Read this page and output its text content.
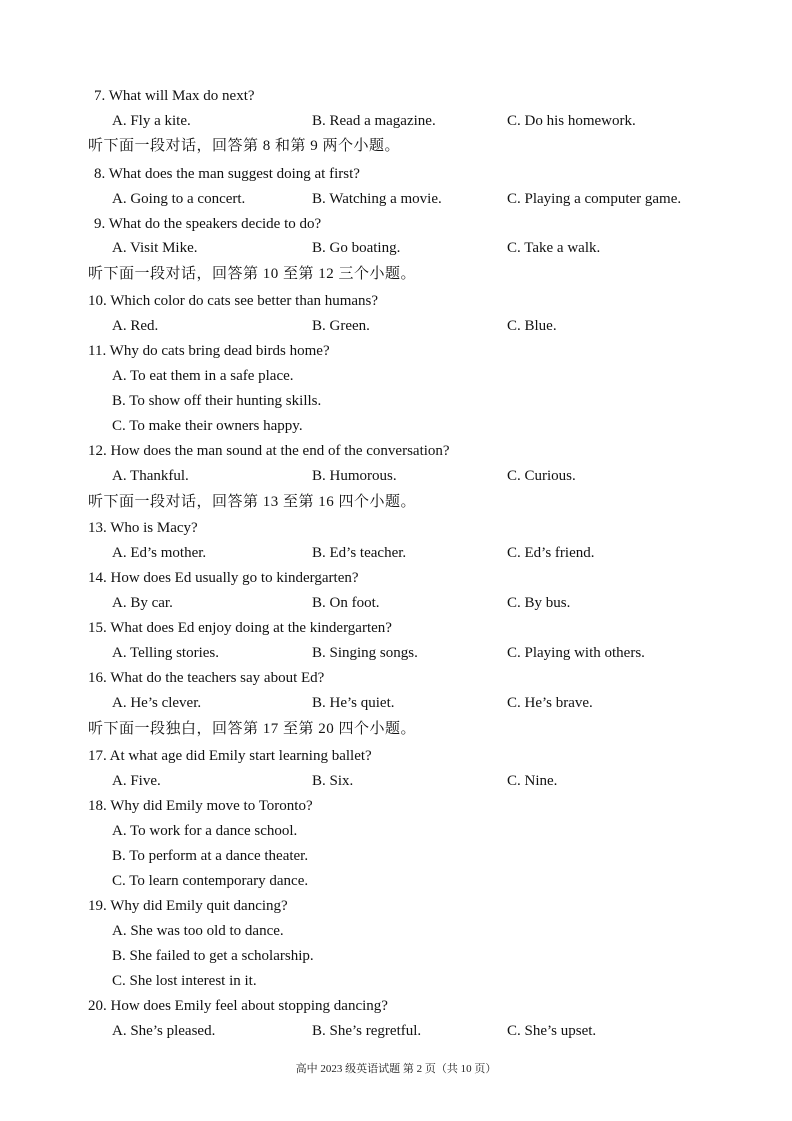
7. What will Max do next?
A. Fly a kite.	B. Read a magazine.	C. Do his homework.
听下面一段对话，回答第 8 和第 9 两个小题。
8. What does the man suggest doing at first?
A. Going to a concert.	B. Watching a movie.	C. Playing a computer game.
9. What do the speakers decide to do?
A. Visit Mike.	B. Go boating.	C. Take a walk.
听下面一段对话，回答第 10 至第 12 三个小题。
10. Which color do cats see better than humans?
A. Red.	B. Green.	C. Blue.
11. Why do cats bring dead birds home?
A. To eat them in a safe place.
B. To show off their hunting skills.
C. To make their owners happy.
12. How does the man sound at the end of the conversation?
A. Thankful.	B. Humorous.	C. Curious.
听下面一段对话，回答第 13 至第 16 四个小题。
13. Who is Macy?
A. Ed’s mother.	B. Ed’s teacher.	C. Ed’s friend.
14. How does Ed usually go to kindergarten?
A. By car.	B. On foot.	C. By bus.
15. What does Ed enjoy doing at the kindergarten?
A. Telling stories.	B. Singing songs.	C. Playing with others.
16. What do the teachers say about Ed?
A. He’s clever.	B. He’s quiet.	C. He’s brave.
听下面一段独白，回答第 17 至第 20 四个小题。
17. At what age did Emily start learning ballet?
A. Five.	B. Six.	C. Nine.
18. Why did Emily move to Toronto?
A. To work for a dance school.
B. To perform at a dance theater.
C. To learn contemporary dance.
19. Why did Emily quit dancing?
A. She was too old to dance.
B. She failed to get a scholarship.
C. She lost interest in it.
20. How does Emily feel about stopping dancing?
A. She’s pleased.	B. She’s regretful.	C. She’s upset.
高中 2023 级英语试题 第 2 页（共 10 页）
